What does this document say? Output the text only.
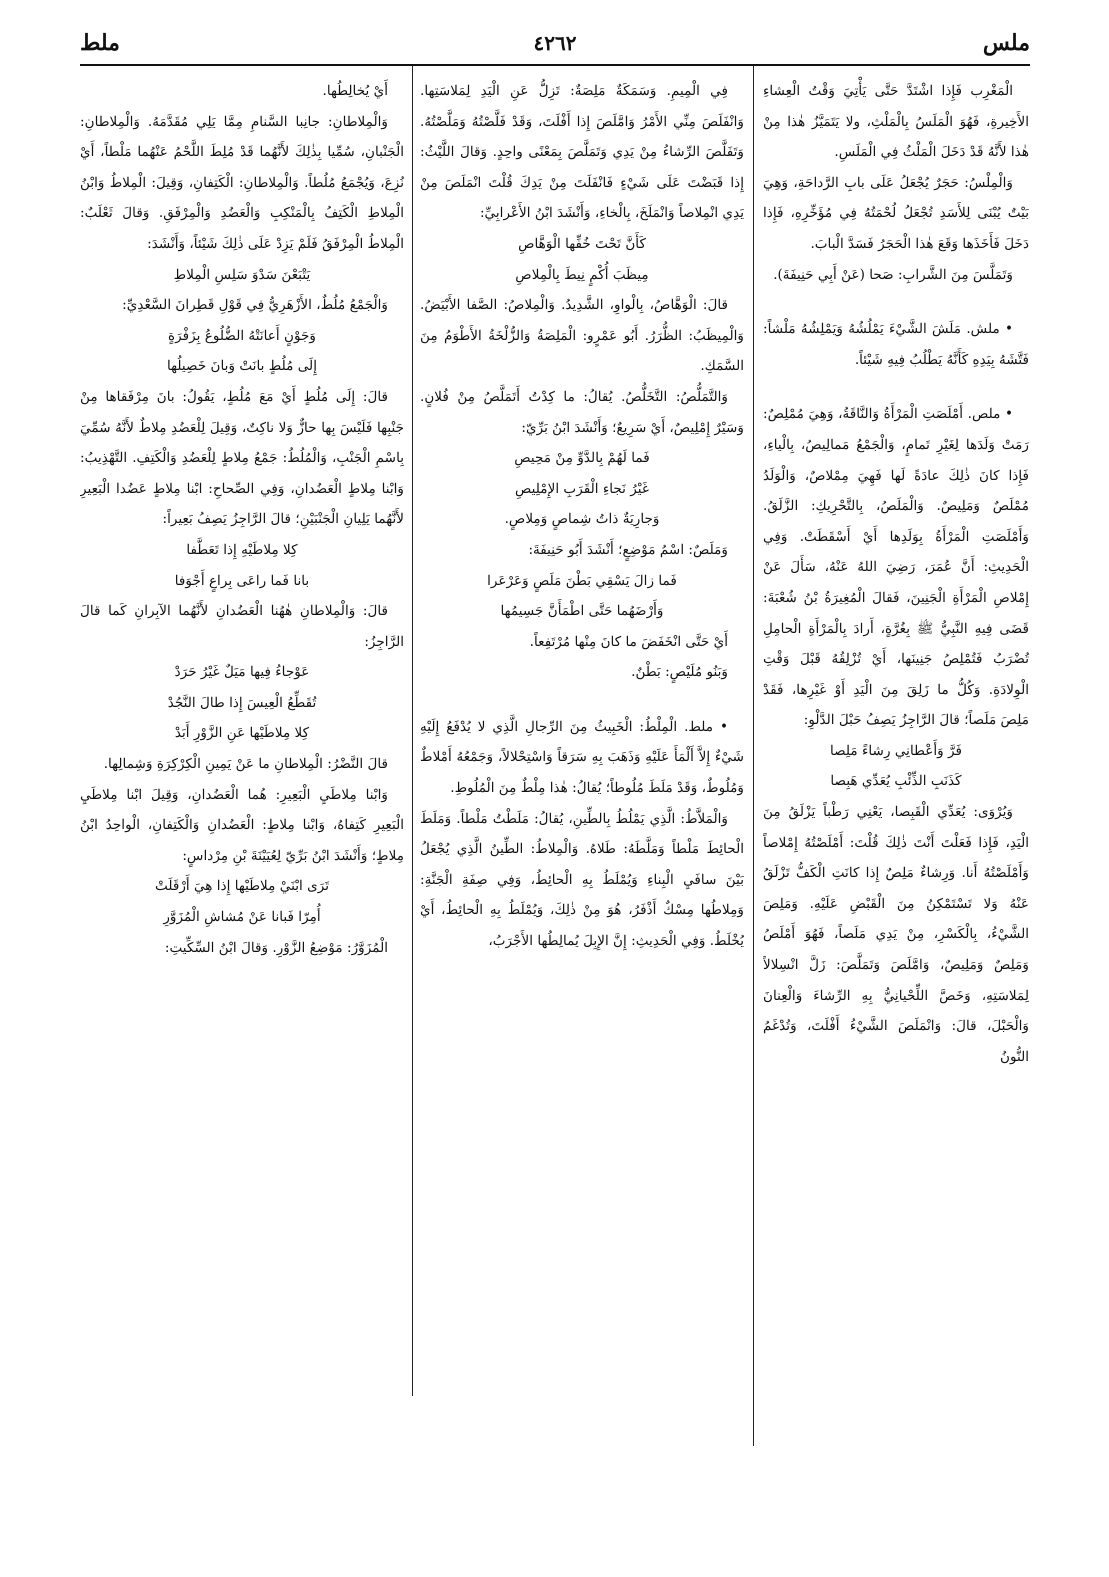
ملس
٤٢٦٢
ملط

الْمَغْرِب فَإِذا اشْتَدَّ حَتَّى يَأْتِيَ وَقْتُ الْعِشاءِ الأَخِيرةِ، فَهُوَ الْمَلَسُ بِالْمَلْثِ، ولا يَتَمَيَّزُ هٰذا مِنْ هٰذا لأَنَّهُ قَدْ دَخَلَ الْمَلْثُ فِي الْمَلَسِ.

وَالْمِلْسُ: حَجَرٌ يُجْعَلُ عَلَى بابِ الرَّداحَةِ، وَهِيَ بَيْتٌ يُبْنَى لِلأَسَدِ تُجْعَلُ لُحْمَتُهُ فِي مُؤَخِّرِهِ، فَإِذا دَخَلَ فَأَخَذَها وَقَعَ هٰذا الْحَجَرُ فَسَدَّ الْبابَ.

وَتَمَلَّسَ مِنَ الشَّرابِ: صَحا (عَنْ أَبِي حَنِيفَةَ).

• ملش. مَلَشَ الشَّيْءَ يَمْلُشُهُ وَيَمْلِشُهُ مَلْشاً: فَتَّشَهُ بِيَدِهِ كَأَنَّهُ يَطْلُبُ فِيهِ شَيْئاً.

• ملص. أَمْلَصَتِ الْمَرْأَةُ وَالنَّاقَةُ، وَهِيَ مُمْلِصٌ: رَمَتْ وَلَدَها لِغَيْرِ تَمامٍ، وَالْجَمْعُ مَمالِيصُ، بِالْياءِ، فَإِذا كانَ ذٰلِكَ عادَةً لَها فَهِيَ مِمْلاصٌ، وَالْوَلَدُ مُمْلَصٌ وَمَلِيصٌ. وَالْمَلَصُ، بِالتَّحْرِيكِ: الزَّلَقُ. وَأَمْلَصَتِ الْمَرْأَةُ بِوَلَدِها أَيْ أَسْقَطَتْ. وَفِي الْحَدِيثِ: أَنَّ عُمَرَ، رَضِيَ اللهُ عَنْهُ، سَأَلَ عَنْ إِمْلاصِ الْمَرْأَةِ الْجَنِينَ، فَقالَ الْمُغِيرَةُ بْنُ شُعْبَةَ: قَضَى فِيهِ النَّبِيُّ ﷺ بِغُرَّةٍ، أَرادَ بِالْمَرْأَةِ الْحامِلِ تُضْرَبُ فَتُمْلِصُ جَنِينَها، أَيْ تُزْلِقُهُ قَبْلَ وَقْتِ الْوِلادَةِ. وَكُلُّ ما زَلِقَ مِنَ الْيَدِ أَوْ غَيْرِها، فَقَدْ مَلِصَ مَلَصاً؛ قالَ الرَّاجِزُ يَصِفُ حَبْلَ الدَّلْوِ:

فَرَّ وَأَعْطانِي رِشاءً مَلِصا

كَذَنَبِ الذِّئْبِ يُعَدِّي هَبِصا

وَيُرْوَى: يُعَدِّي الْقَبِصا، يَعْنِي رَطْباً يَزْلَقُ مِنَ الْيَدِ، فَإِذا فَعَلْتَ أَنْتَ ذٰلِكَ قُلْتَ: أَمْلَصْتُهُ إِمْلاصاً وَأَمْلَصْتُهُ أَنا. وَرِشاءٌ مَلِصٌ إِذا كانَتِ الْكَفُّ تَزْلَقُ عَنْهُ وَلا تَسْتَمْكِنُ مِنَ الْقَبْضِ عَلَيْهِ. وَمَلِصَ الشَّيْءُ، بِالْكَسْرِ، مِنْ يَدِي مَلَصاً، فَهُوَ أَمْلَصُ وَمَلِصٌ وَمَلِيصٌ، وَامَّلَصَ وَتَمَلَّصَ: زَلَّ انْسِلالاً لِمَلاسَتِهِ، وَخَصَّ اللِّحْيانِيُّ بِهِ الرِّشاءَ وَالْعِنانَ وَالْحَبْلَ، قالَ: وَانْمَلَصَ الشَّيْءُ أَفْلَتَ، وَتُدْغَمُ النُّونُ

فِي الْمِيمِ. وَسَمَكَةٌ مَلِصَةٌ: تَزِلُّ عَنِ الْيَدِ لِمَلاسَتِها. وَانْفَلَصَ مِنِّي الأَمْرُ وَامَّلَصَ إِذا أَفْلَتَ، وَقَدْ فَلَّصْتُهُ وَمَلَّصْتُهُ. وَتَفَلَّصَ الرِّشاءُ مِنْ يَدِي وَتَمَلَّصَ بِمَعْنًى واحِدٍ. وَقالَ اللَّيْثُ: إِذا قَبَضْتَ عَلَى شَيْءٍ فَانْفَلَتَ مِنْ يَدِكَ قُلْتَ انْمَلَصَ مِنْ يَدِي انْمِلاصاً وَانْمَلَخَ، بِالْخاءِ، وَأَنْشَدَ ابْنُ الأَعْرابِيِّ:

كَأَنَّ تَحْتَ خُفِّها الْوَهَّاصِ

مِيظَبَ أُكْمٍ نِيطَ بِالْمِلاصِ

قالَ: الْوَهَّاصُ، بِالْواوِ، الشَّدِيدُ. وَالْمِلاصُ: الصَّفا الأَبْيَضُ. وَالْمِيظَبُ: الظُّرَرُ. أَبُو عَمْرٍو: الْمَلِصَةُ وَالزُّلْخَةُ الأَطْوَمُ مِنَ السَّمَكِ.

وَالتَّمَلُّصُ: التَّخَلُّصُ. يُقالُ: ما كِدْتُ أَتَمَلَّصُ مِنْ فُلانٍ. وَسَيْرٌ إِمْلِيصٌ، أَيْ سَرِيعٌ؛ وَأَنْشَدَ ابْنُ بَرِّيّ:

فَما لَهُمْ بِالدَّوِّ مِنْ مَحِيصِ

غَيْرُ نَجاءِ الْقَرَبِ الإِمْلِيصِ

وَجارِيَةٌ ذاتُ شِماصٍ وَمِلاصٍ.

وَمَلَصٌ: اسْمُ مَوْضِعٍ؛ أَنْشَدَ أَبُو حَنِيفَةَ:

فَما زالَ يَسْقِي بَطْنَ مَلَصٍ وَعَرْعَرا

وَأَرْضَهُما حَتَّى اطْمَأَنَّ جَسِيمُها

أَيْ حَتَّى انْخَفَضَ ما كانَ مِنْها مُرْتَفِعاً.

وَبَنُو مُلَيْصٍ: بَطْنٌ.

• ملط. الْمِلْطُ: الْخَبِيثُ مِنَ الرِّجالِ الَّذِي لا يُدْفَعُ إِلَيْهِ شَيْءٌ إِلاَّ أَلْمَأَ عَلَيْهِ وَذَهَبَ بِهِ سَرَقاً وَاسْتِحْلالاً، وَجَمْعُهُ أَمْلاطٌ وَمُلُوطٌ، وَقَدْ مَلَطَ مُلُوطاً؛ يُقالُ: هٰذا مِلْطٌ مِنَ الْمُلُوطِ.

وَالْمَلاَّطُ: الَّذِي يَمْلُطُ بِالطِّينِ، يُقالُ: مَلَطْتُ مَلْطاً. وَمَلَطَ الْحائِطَ مَلْطاً وَمَلَّطَهُ: طَلاهُ. وَالْمِلاطُ: الطِّينُ الَّذِي يُجْعَلُ بَيْنَ سافَيِ الْبِناءِ وَيُمْلَطُ بِهِ الْحائِطُ، وَفِي صِفَةِ الْجَنَّةِ: وَمِلاطُها مِسْكٌ أَذْفَرُ، هُوَ مِنْ ذٰلِكَ، وَيُمْلَطُ بِهِ الْحائِطُ، أَيْ يُخْلَطُ. وَفِي الْحَدِيثِ: إِنَّ الإِبِلَ يُمالِطُها الأَجْرَبُ،

أَيْ يُخالِطُها.

وَالْمِلاطانِ: جانِبا السَّنامِ مِمَّا يَلِي مُقَدَّمَهُ. وَالْمِلاطانِ: الْجَنْبانِ، سُمِّيا بِذٰلِكَ لأَنَّهُما قَدْ مُلِطَ اللَّحْمُ عَنْهُما مَلْطاً، أَيْ نُزِعَ، وَيُجْمَعُ مُلُطاً. وَالْمِلاطانِ: الْكَتِفانِ، وَقِيلَ: الْمِلاطُ وَابْنُ الْمِلاطِ الْكَتِفُ بِالْمَنْكِبِ وَالْعَضُدِ وَالْمِرْفَقِ. وَقالَ ثَعْلَبٌ: الْمِلاطُ الْمِرْفَقُ فَلَمْ يَزِدْ عَلَى ذٰلِكَ شَيْئاً، وَأَنْشَدَ:

يَتْبَعْنَ سَدْوَ سَلِسِ الْمِلاطِ

وَالْجَمْعُ مُلُطٌ، الأَزْهَرِيُّ فِي قَوْلِ قَطِرانَ السَّعْدِيِّ:

وَجَوْنٍ أَعانَتْهُ الضُّلُوعُ بِزَفْرَةٍ

إِلَى مُلُطٍ بانَتْ وَبانَ خَصِيلُها

قالَ: إِلَى مُلُطٍ أَيْ مَعَ مُلُطٍ، يَقُولُ: بانَ مِرْفَقاها مِنْ جَنْبِها فَلَيْسَ بِها حازٌّ وَلا ناكِتٌ، وَقِيلَ لِلْعَضُدِ مِلاطٌ لأَنَّهُ سُمِّيَ بِاسْمِ الْجَنْبِ، وَالْمُلُطُ: جَمْعُ مِلاطٍ لِلْعَضُدِ وَالْكَتِفِ. التَّهْذِيبُ: وَابْنا مِلاطٍ الْعَضُدانِ، وَفِي الصِّحاحِ: ابْنا مِلاطٍ عَضُدا الْبَعِيرِ لأَنَّهُما يَلِيانِ الْجَنْبَيْنِ؛ قالَ الرَّاجِزُ يَصِفُ بَعِيراً:

كِلا مِلاطَيْهِ إِذا تَعَطَّفا

بانا فَما راعَى بِراعٍ أَجْوَفا

قالَ: وَالْمِلاطانِ هٰهُنا الْعَضُدانِ لأَنَّهُما الآبِرانِ كَما قالَ الرَّاجِزُ:

عَوْجاءُ فِيها مَيَلٌ غَيْرُ حَرَدْ

تُقَطِّعُ الْعِيسَ إِذا طالَ النَّجُدْ

كِلا مِلاطَيْها عَنِ الزَّوْرِ أَبَدْ

قالَ النَّضْرُ: الْمِلاطانِ ما عَنْ يَمِينِ الْكِرْكِرَةِ وَشِمالِها.

وَابْنا مِلاطَيِ الْبَعِيرِ: هُما الْعَضُدانِ، وَقِيلَ ابْنا مِلاطَيِ الْبَعِيرِ كَتِفاهُ، وَابْنا مِلاطٍ: الْعَضُدانِ وَالْكَتِفانِ، الْواحِدُ ابْنُ مِلاطٍ؛ وَأَنْشَدَ ابْنُ بَرِّيّ لِعُيَيْنَةَ بْنِ مِرْداسٍ:

تَرَى ابْنَيْ مِلاطَيْها إِذا هِيَ أَرْقَلَتْ

أُمِرّا فَبانا عَنْ مُشاشِ الْمُزَوَّرِ

الْمُزَوَّرُ: مَوْضِعُ الزَّوْرِ. وَقالَ ابْنُ السِّكِّيتِ:
